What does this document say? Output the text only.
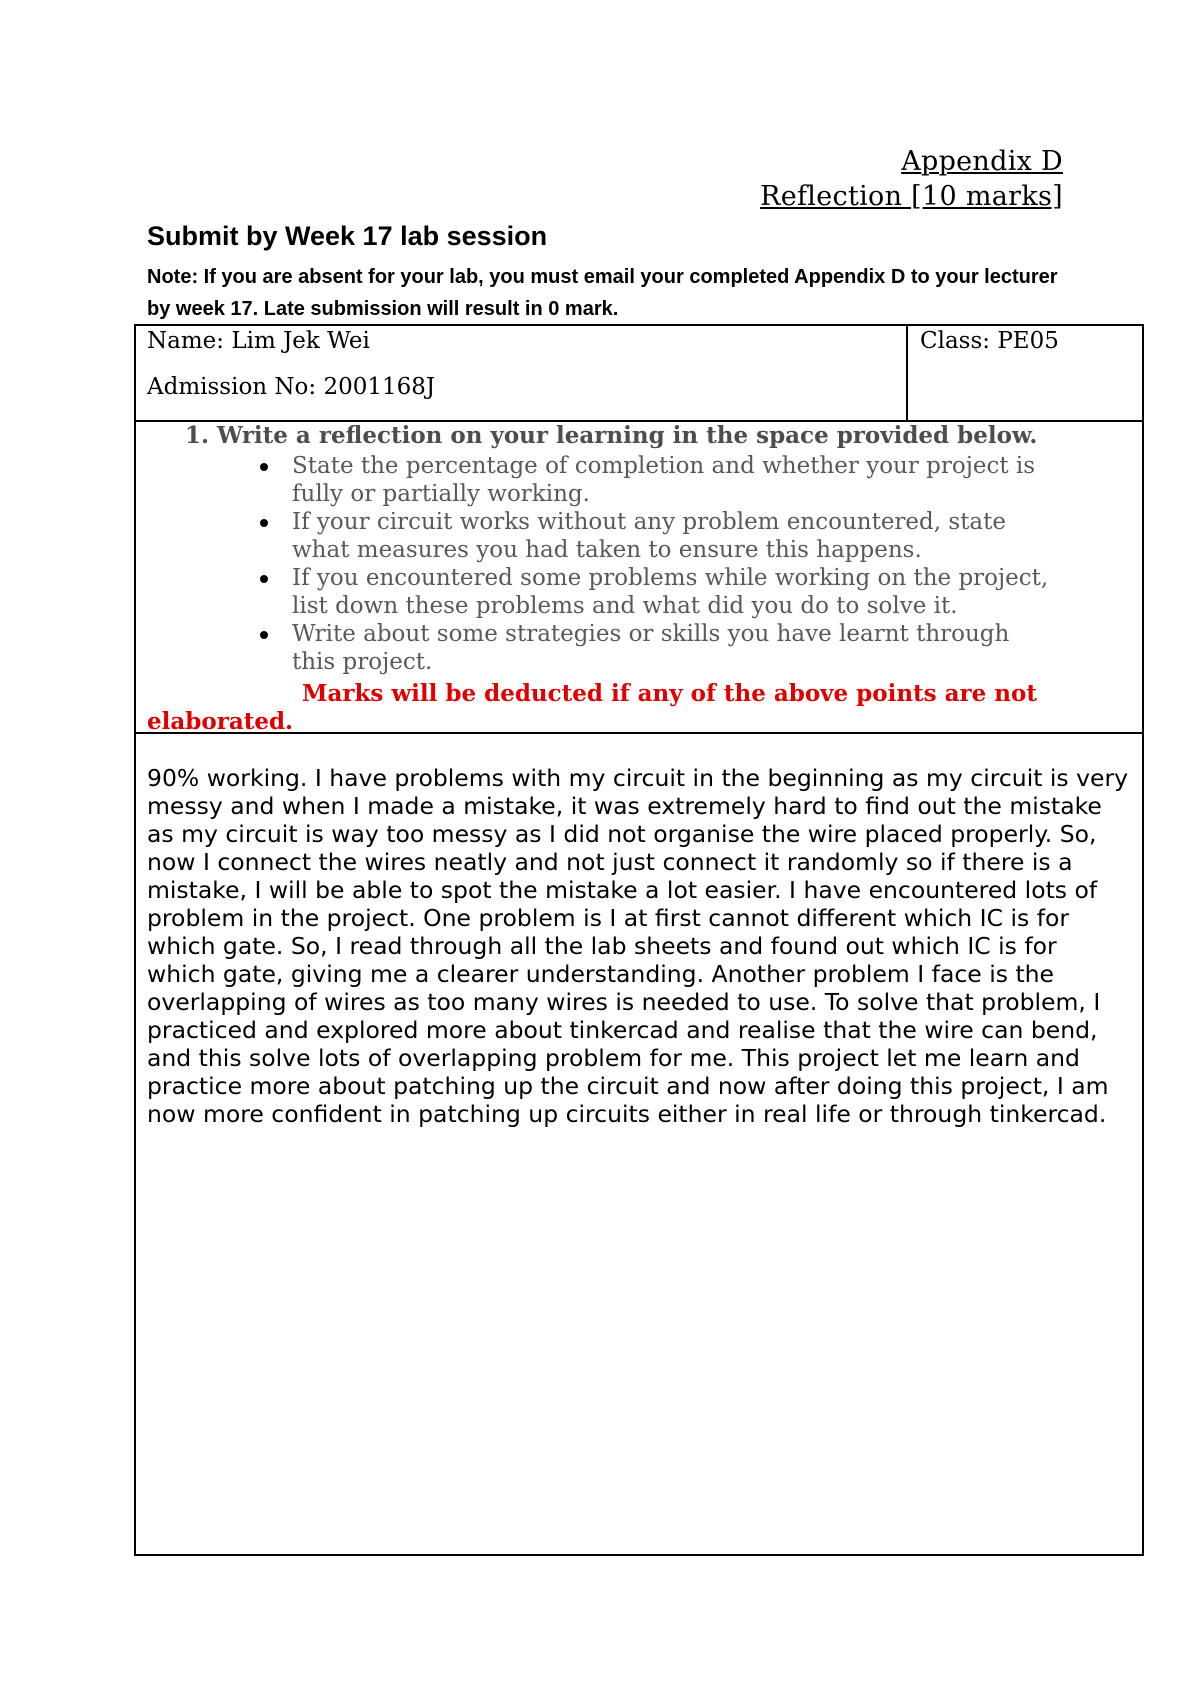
Appendix D
Reflection [10 marks]
Submit by Week 17 lab session
Note: If you are absent for your lab, you must email your completed Appendix D to your lecturer by week 17. Late submission will result in 0 mark.
Name: Lim Jek Wei
Admission No: 2001168J
Class: PE05
1. Write a reflection on your learning in the space provided below.
State the percentage of completion and whether your project is fully or partially working.
If your circuit works without any problem encountered, state what measures you had taken to ensure this happens.
If you encountered some problems while working on the project, list down these problems and what did you do to solve it.
Write about some strategies or skills you have learnt through this project.
Marks will be deducted if any of the above points are not elaborated.
90% working. I have problems with my circuit in the beginning as my circuit is very messy and when I made a mistake, it was extremely hard to find out the mistake as my circuit is way too messy as I did not organise the wire placed properly. So, now I connect the wires neatly and not just connect it randomly so if there is a mistake, I will be able to spot the mistake a lot easier. I have encountered lots of problem in the project. One problem is I at first cannot different which IC is for which gate. So, I read through all the lab sheets and found out which IC is for which gate, giving me a clearer understanding. Another problem I face is the overlapping of wires as too many wires is needed to use. To solve that problem, I practiced and explored more about tinkercad and realise that the wire can bend, and this solve lots of overlapping problem for me. This project let me learn and practice more about patching up the circuit and now after doing this project, I am now more confident in patching up circuits either in real life or through tinkercad.
